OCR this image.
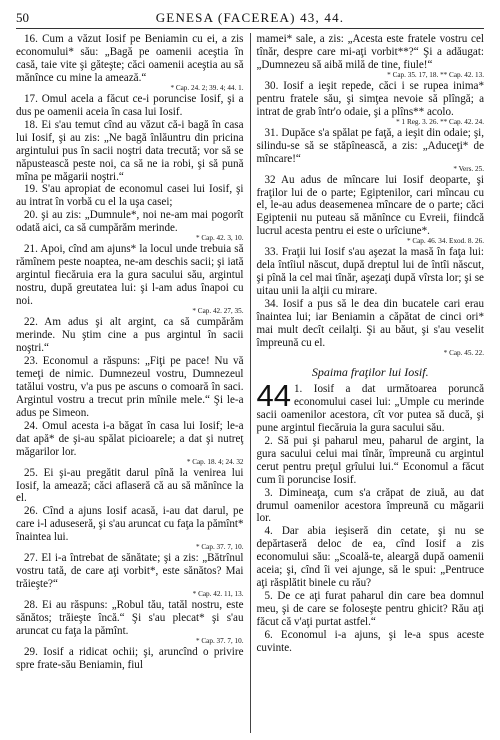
50	GENESA (FACEREA) 43, 44.

16. Cum a văzut Iosif pe Beniamin cu ei, a zis economului* său: „Bagă pe oamenii aceştia în casă, taie vite şi găteşte; căci oamenii aceştia au să mănînce cu mine la amează.“

* Cap. 24. 2; 39. 4; 44. 1.

17. Omul acela a făcut ce-i poruncise Iosif, şi a dus pe oamenii aceia în casa lui Iosif.

18. Ei s'au temut cînd au văzut că-i bagă în casa lui Iosif, şi au zis: „Ne bagă înlăuntru din pricina argintului pus în sacii noştri data trecută; vor să se năpustească peste noi, ca să ne ia robi, şi să pună mîna pe măgarii noştri.“

19. S'au apropiat de economul casei lui Iosif, şi au intrat în vorbă cu el la uşa casei;

20. şi au zis: „Dumnule*, noi ne-am mai pogorît odată aici, ca să cumpărăm merinde.

* Cap. 42. 3, 10.

21. Apoi, cînd am ajuns* la locul unde trebuia să rămînem peste noaptea, ne-am deschis sacii; şi iată argintul fiecăruia era la gura sacului său, argintul nostru, după greutatea lui: şi l-am adus înapoi cu noi.

* Cap. 42. 27, 35.

22. Am adus şi alt argint, ca să cumpărăm merinde. Nu ştim cine a pus argintul în sacii noştri.“

23. Economul a răspuns: „Fiţi pe pace! Nu vă temeţi de nimic. Dumnezeul vostru, Dumnezeul tatălui vostru, v'a pus pe ascuns o comoară în saci. Argintul vostru a trecut prin mînile mele.“ Şi le-a adus pe Simeon.

24. Omul acesta i-a băgat în casa lui Iosif; le-a dat apă* de şi-au spălat picioarele; a dat şi nutreţ măgarilor lor.

* Cap. 18. 4; 24. 32

25. Ei şi-au pregătit darul pînă la venirea lui Iosif, la amează; căci aflaseră că au să mănînce la el.

26. Cînd a ajuns Iosif acasă, i-au dat darul, pe care i-l aduseseră, şi s'au aruncat cu faţa la pămînt* înaintea lui.

* Cap. 37. 7, 10.

27. El i-a întrebat de sănătate; şi a zis: „Bătrînul vostru tată, de care aţi vorbit*, este sănătos? Mai trăieşte?“

* Cap. 42. 11, 13.

28. Ei au răspuns: „Robul tău, tatăl nostru, este sănătos; trăieşte încă.“ Şi s'au plecat* şi s'au aruncat cu faţa la pămînt.

* Cap. 37. 7, 10.

29. Iosif a ridicat ochii; şi, aruncînd o privire spre frate-său Beniamin, fiul

mamei* sale, a zis: „Acesta este fratele vostru cel tînăr, despre care mi-aţi vorbit**?“ Şi a adăugat: „Dumnezeu să aibă milă de tine, fiule!“

* Cap. 35. 17, 18. ** Cap. 42. 13.

30. Iosif a ieşit repede, căci i se rupea inima* pentru fratele său, şi simţea nevoie să plîngă; a intrat de grab într'o odaie, şi a plîns** acolo.

* 1 Reg. 3. 26. ** Cap. 42. 24.

31. Dupăce s'a spălat pe faţă, a ieşit din odaie; şi, silindu-se să se stăpînească, a zis: „Aduceţi* de mîncare!“

* Vers. 25.

32 Au adus de mîncare lui Iosif deoparte, şi fraţilor lui de o parte; Egiptenilor, cari mîncau cu el, le-au adus deasemenea mîncare de o parte; căci Egiptenii nu puteau să mănînce cu Evreii, fiindcă lucrul acesta pentru ei este o urîciune*.

* Cap. 46. 34. Exod. 8. 26.

33. Fraţii lui Iosif s'au aşezat la masă în faţa lui: dela întîiul născut, după dreptul lui de întîi născut, şi pînă la cel mai tînăr, aşezaţi după vîrsta lor; şi se uitau unii la alţii cu mirare.

34. Iosif a pus să le dea din bucatele cari erau înaintea lui; iar Beniamin a căpătat de cinci ori* mai mult decît ceilalţi. Şi au băut, şi s'au veselit împreună cu el.

* Cap. 45. 22.
Spaima fraţilor lui Iosif.

44 1. Iosif a dat următoarea poruncă economului casei lui: „Umple cu merinde sacii oamenilor acestora, cît vor putea să ducă, şi pune argintul fiecăruia la gura sacului său.

2. Să pui şi paharul meu, paharul de argint, la gura sacului celui mai tînăr, împreună cu argintul cerut pentru preţul grîului lui.“ Economul a făcut cum îi poruncise Iosif.

3. Dimineaţa, cum s'a crăpat de ziuă, au dat drumul oamenilor acestora împreună cu măgarii lor.

4. Dar abia ieşiseră din cetate, şi nu se depărtaseră deloc de ea, cînd Iosif a zis economului său: „Scoală-te, aleargă după oamenii aceia; şi, cînd îi vei ajunge, să le spui: „Pentruce aţi răsplătit binele cu rău?

5. De ce aţi furat paharul din care bea domnul meu, şi de care se foloseşte pentru ghicit? Rău aţi făcut că v'aţi purtat astfel.“

6. Economul i-a ajuns, şi le-a spus aceste cuvinte.
